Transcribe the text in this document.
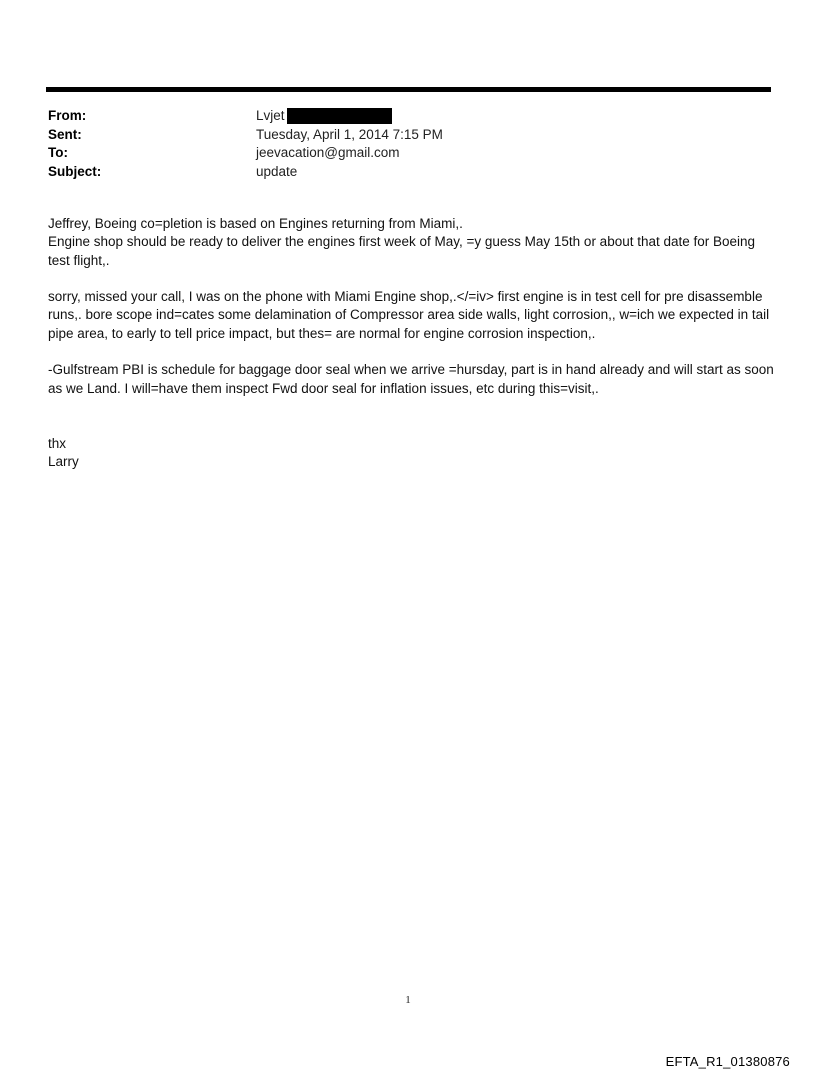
From:	Lvjet
Sent:	Tuesday, April 1, 2014 7:15 PM
To:	jeevacation@gmail.com
Subject:	update
Jeffrey, Boeing co=pletion is based on Engines returning from Miami,.
Engine shop should be ready to deliver the engines first week of May, =y guess May 15th or about that date for Boeing
test flight,.
sorry, missed your call, I was on the phone with Miami Engine shop,.</=iv> first engine is in test cell for pre disassemble
runs,. bore scope ind=cates some delamination of Compressor area side walls, light corrosion,, w=ich we expected in tail
pipe area, to early to tell price impact, but thes= are normal for engine corrosion inspection,.
-Gulfstream PBI is schedule for baggage door seal when we arrive =hursday, part is in hand already and will start as soon
as we Land. I will=have them inspect Fwd door seal for inflation issues, etc during this=visit,.
thx
Larry
1
EFTA_R1_01380876
